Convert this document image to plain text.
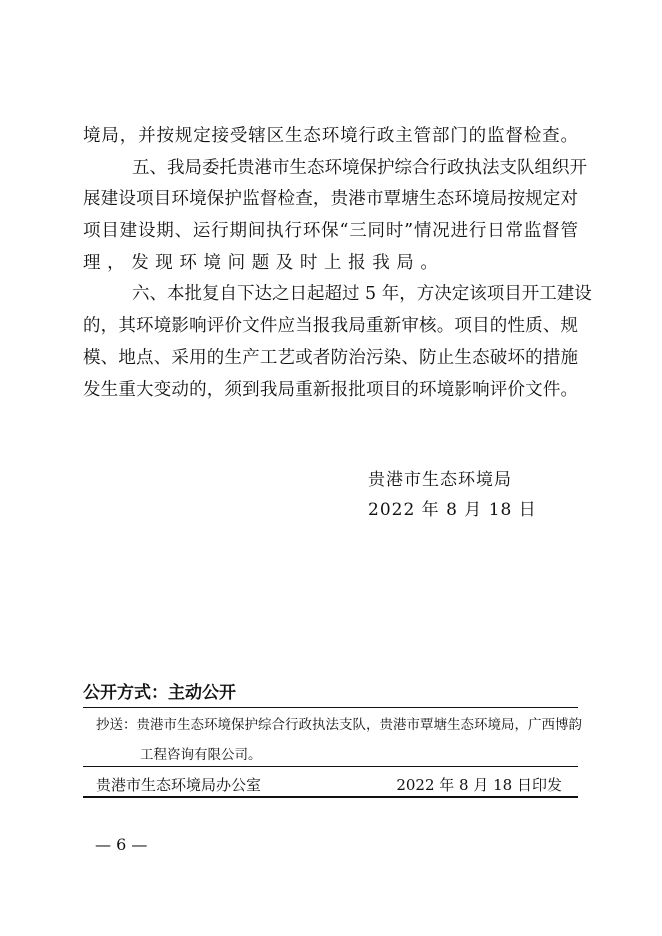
境局，并按规定接受辖区生态环境行政主管部门的监督检查。
五、我局委托贵港市生态环境保护综合行政执法支队组织开
展建设项目环境保护监督检查，贵港市覃塘生态环境局按规定对
项目建设期、运行期间执行环保“三同时”情况进行日常监督管
理，发现环境问题及时上报我局。
六、本批复自下达之日起超过 5 年，方决定该项目开工建设
的，其环境影响评价文件应当报我局重新审核。项目的性质、规
模、地点、采用的生产工艺或者防治污染、防止生态破坏的措施
发生重大变动的，须到我局重新报批项目的环境影响评价文件。
贵港市生态环境局
2022 年 8 月 18 日
公开方式：主动公开
抄送：贵港市生态环境保护综合行政执法支队，贵港市覃塘生态环境局，广西博韵
工程咨询有限公司。
贵港市生态环境局办公室	2022 年 8 月 18 日印发
— 6 —
